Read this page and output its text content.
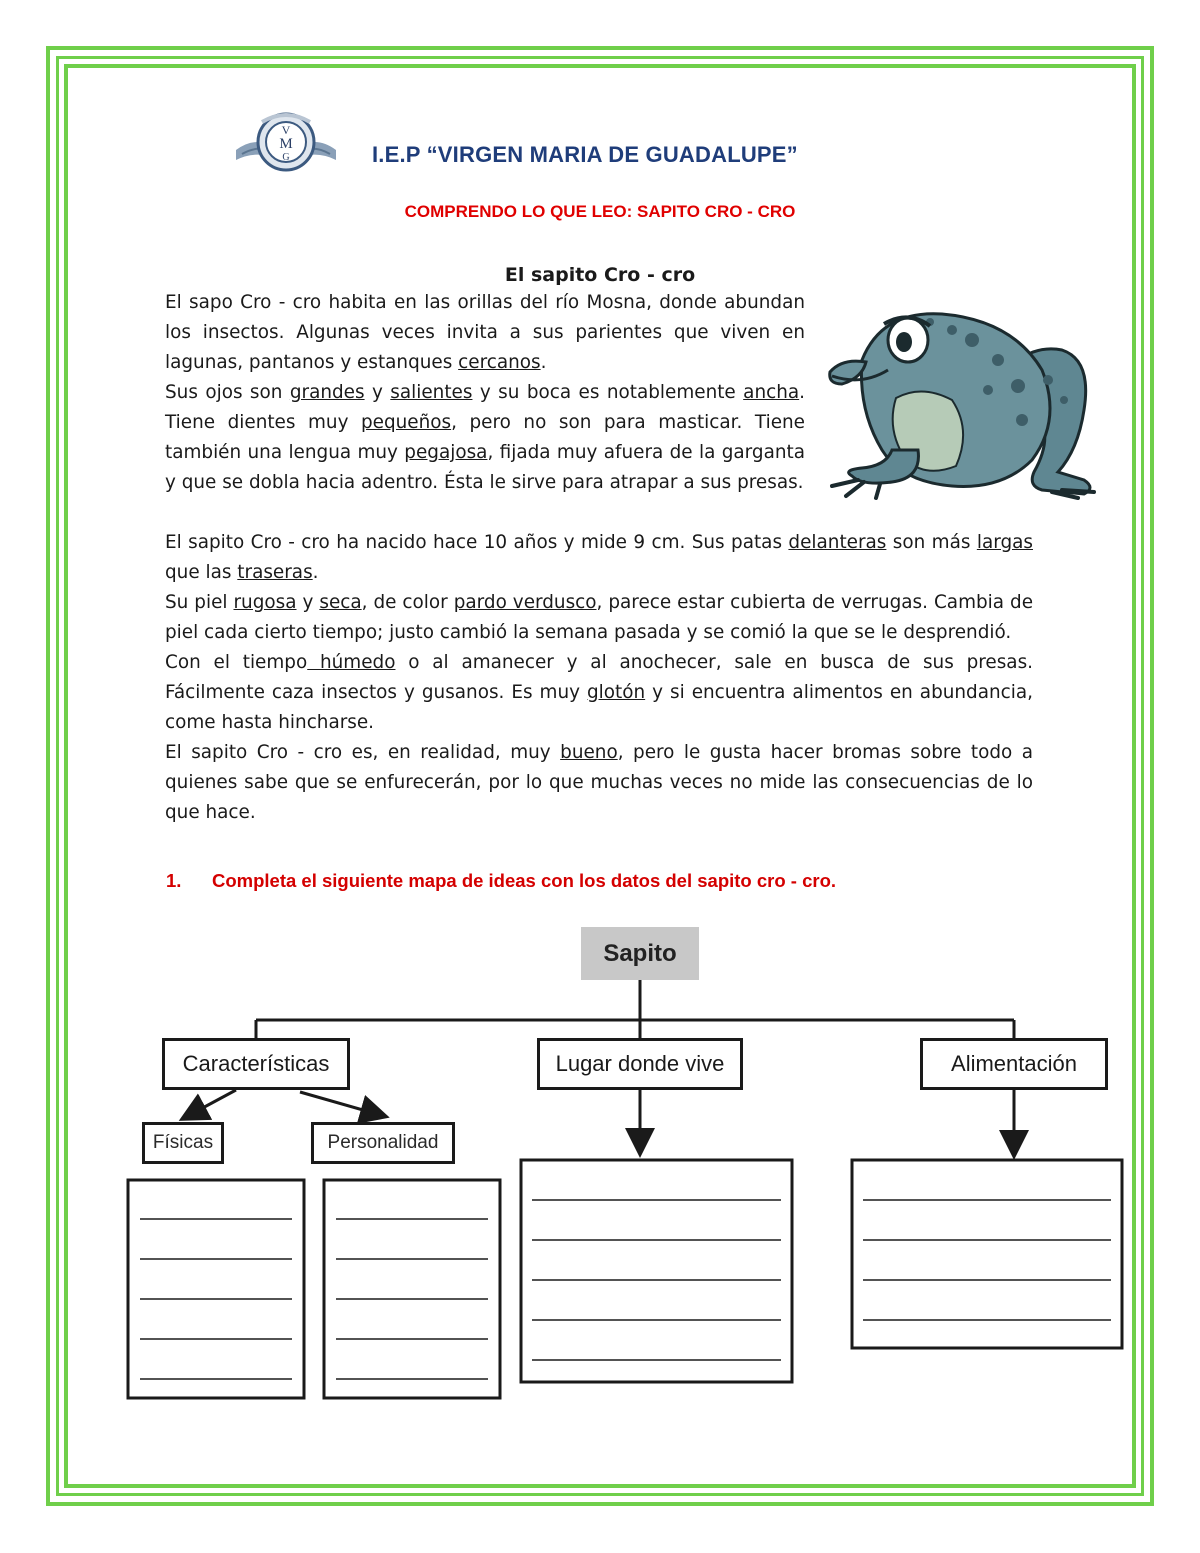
V
M
G	I.E.P “VIRGEN MARIA DE GUADALUPE”
COMPRENDO LO QUE LEO: SAPITO CRO - CRO
El sapito Cro - cro

El sapo Cro - cro habita en las orillas del río Mosna, donde abundan los insectos. Algunas veces invita a sus parientes que viven en lagunas, pantanos y estanques cercanos.

Sus ojos son grandes y salientes y su boca es notablemente ancha. Tiene dientes muy pequeños, pero no son para masticar. Tiene también una lengua muy pegajosa, fijada muy afuera de la garganta y que se dobla hacia adentro. Ésta le sirve para atrapar a sus presas.

El sapito Cro - cro ha nacido hace 10 años y mide 9 cm. Sus patas delanteras son más largas que las traseras.

Su piel rugosa y seca, de color pardo verdusco, parece estar cubierta de verrugas. Cambia de piel cada cierto tiempo; justo cambió la semana pasada y se comió la que se le desprendió.

Con el tiempo húmedo o al amanecer y al anochecer, sale en busca de sus presas. Fácilmente caza insectos y gusanos. Es muy glotón y si encuentra alimentos en abundancia, come hasta hincharse.

El sapito Cro - cro es, en realidad, muy bueno, pero le gusta hacer bromas sobre todo a quienes sabe que se enfurecerán, por lo que muchas veces no mide las consecuencias de lo que hace.

1. Completa el siguiente mapa de ideas con los datos del sapito cro - cro.
Sapito
Características	Lugar donde vive	Alimentación
Físicas	Personalidad
